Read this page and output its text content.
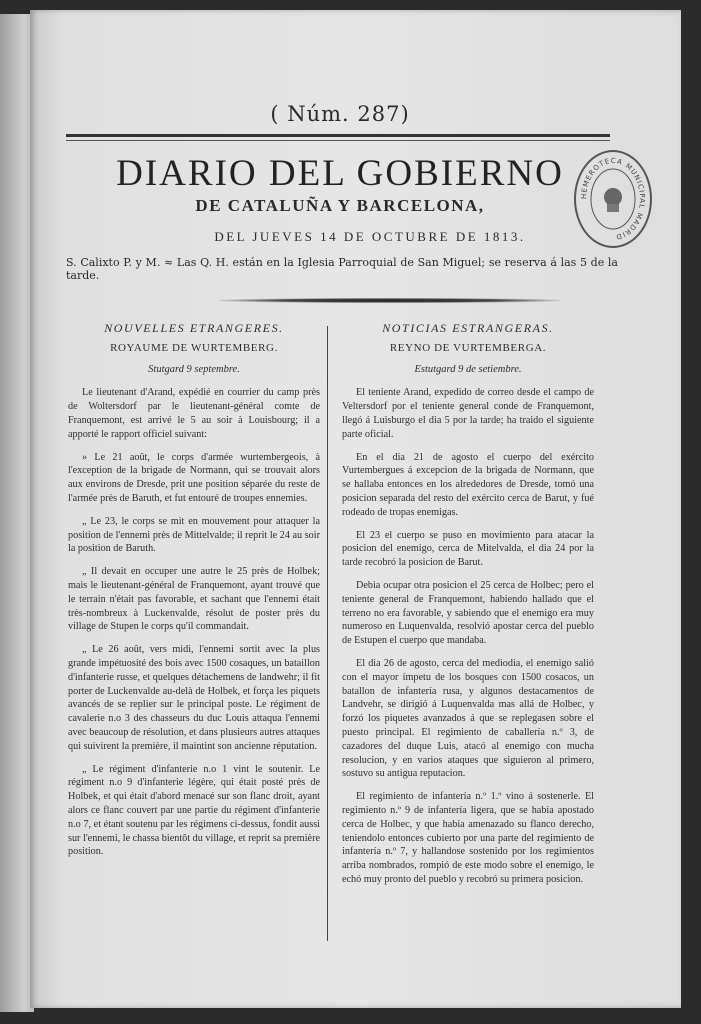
( Núm. 287)
DIARIO DEL GOBIERNO
DE CATALUÑA Y BARCELONA,
DEL JUEVES 14 DE OCTUBRE DE 1813.
S. Calixto P. y M. ≈ Las Q. H. están en la Iglesia Parroquial de San Miguel; se reserva á las 5 de la tarde.
HEMEROTECA MUNICIPAL MADRID
NOUVELLES ETRANGERES.
ROYAUME DE WURTEMBERG.
Stutgard 9 septembre.

Le lieutenant d'Arand, expédié en courrier du camp près de Woltersdorf par le lieutenant-général comte de Franquemont, est arrivé le 5 au soir à Louisbourg; il a apporté le rapport officiel suivant:

» Le 21 août, le corps d'armée wurtembergeois, à l'exception de la brigade de Normann, qui se trouvait alors aux environs de Dresde, prit une position séparée du reste de l'armée près de Baruth, et fut entouré de troupes ennemies.

„ Le 23, le corps se mit en mouvement pour attaquer la position de l'ennemi près de Mittelvalde; il reprit le 24 au soir la position de Baruth.

„ Il devait en occuper une autre le 25 près de Holbek; mais le lieutenant-général de Franquemont, ayant trouvé que le terrain n'était pas favorable, et sachant que l'ennemi était très-nombreux à Luckenvalde, résolut de poster près du village de Stupen le corps qu'il commandait.

„ Le 26 août, vers midi, l'ennemi sortit avec la plus grande impétuosité des bois avec 1500 cosaques, un bataillon d'infanterie russe, et quelques détachemens de landwehr; il fit porter de Luckenvalde au-delà de Holbek, et força les piquets avancés de se replier sur le principal poste. Le régiment de cavalerie n.o 3 des chasseurs du duc Louis attaqua l'ennemi avec beaucoup de résolution, et dans plusieurs autres attaques qui suivirent la première, il maintint son ancienne réputation.

„ Le régiment d'infanterie n.o 1 vint le soutenir. Le régiment n.o 9 d'infanterie légère, qui était posté près de Holbek, et qui était d'abord menacé sur son flanc droit, ayant alors ce flanc couvert par une partie du régiment d'infanterie n.o 7, et étant soutenu par les régimens ci-dessus, fondit aussi sur l'ennemi, le chassa bientôt du village, et reprit sa première position.

NOTICIAS ESTRANGERAS.
REYNO DE VURTEMBERGA.
Estutgard 9 de setiembre.

El teniente Arand, expedido de correo desde el campo de Veltersdorf por el teniente general conde de Franquemont, llegó á Luisburgo el dia 5 por la tarde; ha traido el siguiente parte oficial.

En el dia 21 de agosto el cuerpo del exército Vurtembergues á excepcion de la brigada de Normann, que se hallaba entonces en los alrededores de Dresde, tomó una posicion separada del resto del exército cerca de Barut, y fué rodeado de tropas enemigas.

El 23 el cuerpo se puso en movimiento para atacar la posicion del enemigo, cerca de Mitelvalda, el dia 24 por la tarde recobró la posicion de Barut.

Debia ocupar otra posicion el 25 cerca de Holbec; pero el teniente general de Franquemont, habiendo hallado que el terreno no era favorable, y sabiendo que el enemigo era muy numeroso en Luquenvalda, resolvió apostar cerca del pueblo de Estupen el cuerpo que mandaba.

El dia 26 de agosto, cerca del mediodia, el enemigo salió con el mayor ímpetu de los bosques con 1500 cosacos, un batallon de infantería rusa, y algunos destacamentos de Landvehr, se dirigió á Luquenvalda mas allá de Holbec, y forzó los piquetes avanzados á que se replegasen sobre el puesto principal. El regimiento de caballería n.º 3, de cazadores del duque Luis, atacó al enemigo con mucha resolucion, y en varios ataques que siguieron al primero, sostuvo su antigua reputacion.

El regimiento de infantería n.º 1.º vino á sostenerle. El regimiento n.º 9 de infantería ligera, que se habia apostado cerca de Holbec, y que habia amenazado su flanco derecho, teniendolo entonces cubierto por una parte del regimiento de infantería n.º 7, y hallandose sostenido por los regimientos arriba nombrados, rompió de este modo sobre el enemigo, le echó muy pronto del pueblo y recobró su primera posicion.
